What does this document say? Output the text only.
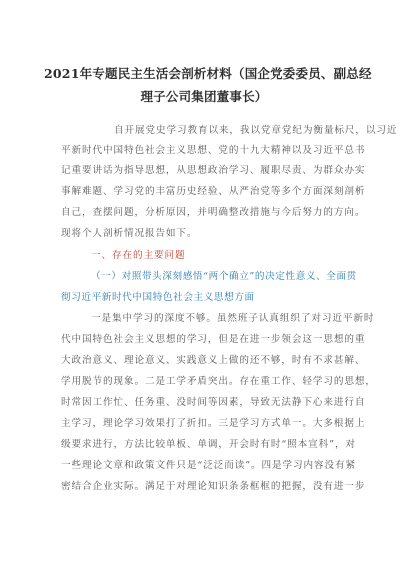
2021年专题民主生活会剖析材料（国企党委委员、副总经
理子公司集团董事长）
自开展党史学习教育以来，我以党章党纪为衡量标尺，以习近
平新时代中国特色社会主义思想、党的十九大精神以及习近平总书
记重要讲话为指导思想，从思想政治学习、履职尽责、为群众办实
事解难题、学习党的丰富历史经验、从严治党等多个方面深刻剖析
自己，查摆问题，分析原因，并明确整改措施与今后努力的方向。
现将个人剖析情况报告如下。
一、存在的主要问题
（一）对照带头深刻感悟“两个确立”的决定性意义、全面贯
彻习近平新时代中国特色社会主义思想方面
一是集中学习的深度不够。虽然班子认真组织了对习近平新时
代中国特色社会主义思想的学习，但是在进一步领会这一思想的重
大政治意义、理论意义、实践意义上做的还不够，时有不求甚解、
学用脱节的现象。二是工学矛盾突出。存在重工作、轻学习的思想，
时常因工作忙、任务重、没时间等因素，导致无法静下心来进行自
主学习，理论学习效果打了折扣。三是学习方式单一。大多根据上
级要求进行，方法比较单板、单调，开会时有时“照本宣科”，对
一些理论文章和政策文件只是“泛泛而读”。四是学习内容没有紧
密结合企业实际。满足于对理论知识条条框框的把握，没有进一步
